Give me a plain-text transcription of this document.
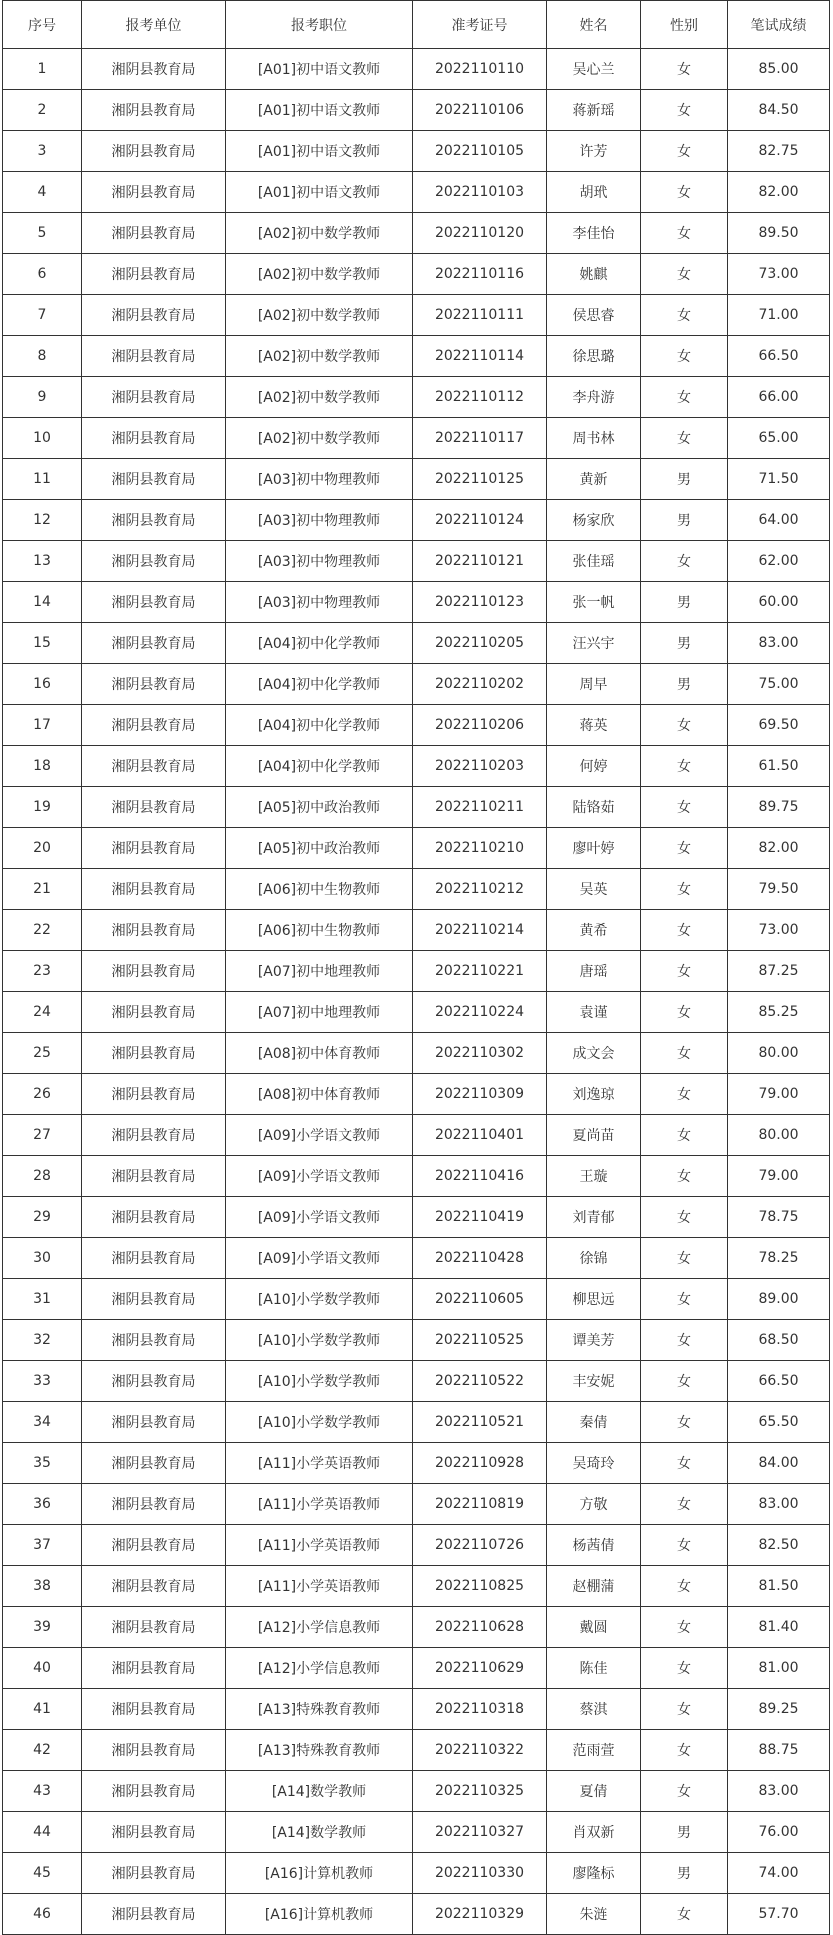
序号	报考单位	报考职位	准考证号	姓名	性别	笔试成绩
1	湘阴县教育局	[A01]初中语文教师	2022110110	吴心兰	女	85.00
2	湘阴县教育局	[A01]初中语文教师	2022110106	蒋新瑶	女	84.50
3	湘阴县教育局	[A01]初中语文教师	2022110105	许芳	女	82.75
4	湘阴县教育局	[A01]初中语文教师	2022110103	胡玳	女	82.00
5	湘阴县教育局	[A02]初中数学教师	2022110120	李佳怡	女	89.50
6	湘阴县教育局	[A02]初中数学教师	2022110116	姚麒	女	73.00
7	湘阴县教育局	[A02]初中数学教师	2022110111	侯思睿	女	71.00
8	湘阴县教育局	[A02]初中数学教师	2022110114	徐思璐	女	66.50
9	湘阴县教育局	[A02]初中数学教师	2022110112	李舟游	女	66.00
10	湘阴县教育局	[A02]初中数学教师	2022110117	周书林	女	65.00
11	湘阴县教育局	[A03]初中物理教师	2022110125	黄新	男	71.50
12	湘阴县教育局	[A03]初中物理教师	2022110124	杨家欣	男	64.00
13	湘阴县教育局	[A03]初中物理教师	2022110121	张佳瑶	女	62.00
14	湘阴县教育局	[A03]初中物理教师	2022110123	张一帆	男	60.00
15	湘阴县教育局	[A04]初中化学教师	2022110205	汪兴宇	男	83.00
16	湘阴县教育局	[A04]初中化学教师	2022110202	周早	男	75.00
17	湘阴县教育局	[A04]初中化学教师	2022110206	蒋英	女	69.50
18	湘阴县教育局	[A04]初中化学教师	2022110203	何婷	女	61.50
19	湘阴县教育局	[A05]初中政治教师	2022110211	陆铬茹	女	89.75
20	湘阴县教育局	[A05]初中政治教师	2022110210	廖叶婷	女	82.00
21	湘阴县教育局	[A06]初中生物教师	2022110212	吴英	女	79.50
22	湘阴县教育局	[A06]初中生物教师	2022110214	黄希	女	73.00
23	湘阴县教育局	[A07]初中地理教师	2022110221	唐瑶	女	87.25
24	湘阴县教育局	[A07]初中地理教师	2022110224	袁谨	女	85.25
25	湘阴县教育局	[A08]初中体育教师	2022110302	成文会	女	80.00
26	湘阴县教育局	[A08]初中体育教师	2022110309	刘逸琼	女	79.00
27	湘阴县教育局	[A09]小学语文教师	2022110401	夏尚苗	女	80.00
28	湘阴县教育局	[A09]小学语文教师	2022110416	王璇	女	79.00
29	湘阴县教育局	[A09]小学语文教师	2022110419	刘青郁	女	78.75
30	湘阴县教育局	[A09]小学语文教师	2022110428	徐锦	女	78.25
31	湘阴县教育局	[A10]小学数学教师	2022110605	柳思远	女	89.00
32	湘阴县教育局	[A10]小学数学教师	2022110525	谭美芳	女	68.50
33	湘阴县教育局	[A10]小学数学教师	2022110522	丰安妮	女	66.50
34	湘阴县教育局	[A10]小学数学教师	2022110521	秦倩	女	65.50
35	湘阴县教育局	[A11]小学英语教师	2022110928	吴琦玲	女	84.00
36	湘阴县教育局	[A11]小学英语教师	2022110819	方敬	女	83.00
37	湘阴县教育局	[A11]小学英语教师	2022110726	杨茜倩	女	82.50
38	湘阴县教育局	[A11]小学英语教师	2022110825	赵棚蒲	女	81.50
39	湘阴县教育局	[A12]小学信息教师	2022110628	戴圆	女	81.40
40	湘阴县教育局	[A12]小学信息教师	2022110629	陈佳	女	81.00
41	湘阴县教育局	[A13]特殊教育教师	2022110318	蔡淇	女	89.25
42	湘阴县教育局	[A13]特殊教育教师	2022110322	范雨萱	女	88.75
43	湘阴县教育局	[A14]数学教师	2022110325	夏倩	女	83.00
44	湘阴县教育局	[A14]数学教师	2022110327	肖双新	男	76.00
45	湘阴县教育局	[A16]计算机教师	2022110330	廖隆标	男	74.00
46	湘阴县教育局	[A16]计算机教师	2022110329	朱涟	女	57.70
